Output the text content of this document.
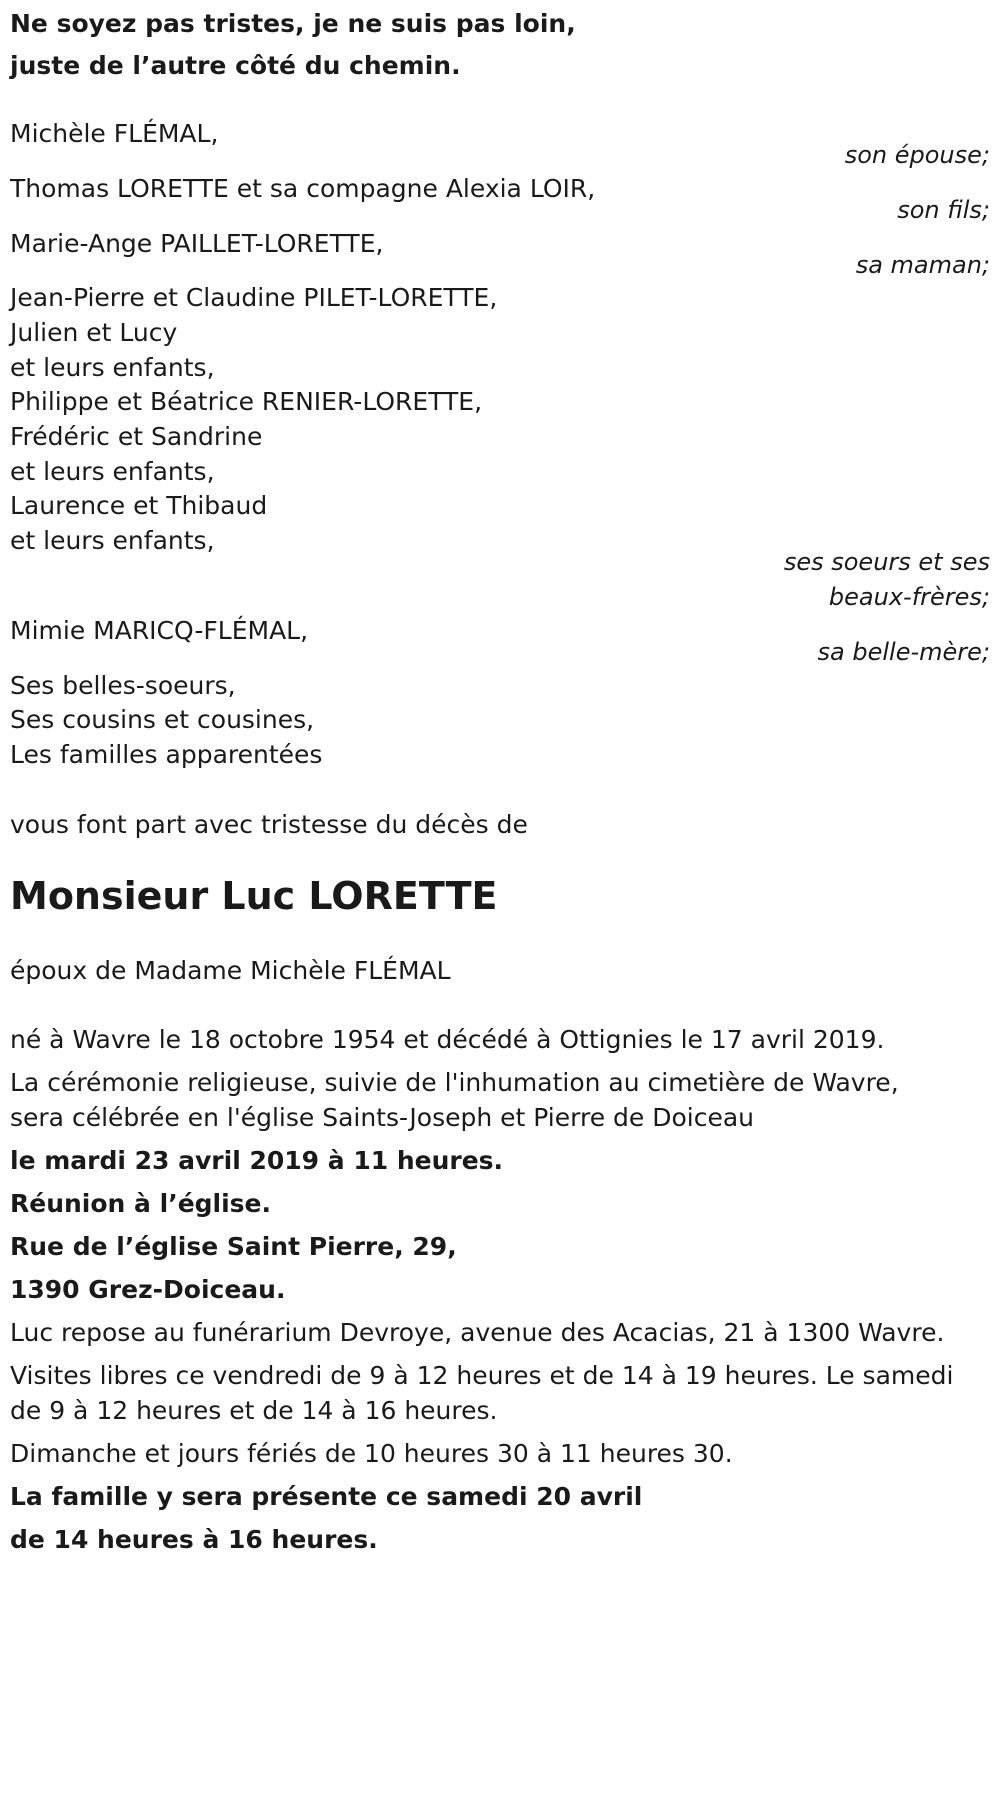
Ne soyez pas tristes, je ne suis pas loin,
juste de l’autre côté du chemin.
Michèle FLÉMAL,
son épouse;
Thomas LORETTE et sa compagne Alexia LOIR,
son fils;
Marie-Ange PAILLET-LORETTE,
sa maman;
Jean-Pierre et Claudine PILET-LORETTE,
Julien et Lucy
et leurs enfants,
Philippe et Béatrice RENIER-LORETTE,
Frédéric et Sandrine
et leurs enfants,
Laurence et Thibaud
et leurs enfants,
ses soeurs et ses
beaux-frères;
Mimie MARICQ-FLÉMAL,
sa belle-mère;
Ses belles-soeurs,
Ses cousins et cousines,
Les familles apparentées
vous font part avec tristesse du décès de
Monsieur Luc LORETTE
époux de Madame Michèle FLÉMAL
né à Wavre le 18 octobre 1954 et décédé à Ottignies le 17 avril 2019.
La cérémonie religieuse, suivie de l'inhumation au cimetière de Wavre,
sera célébrée en l'église Saints-Joseph et Pierre de Doiceau
le mardi 23 avril 2019 à 11 heures.
Réunion à l’église.
Rue de l’église Saint Pierre, 29,
1390 Grez-Doiceau.
Luc repose au funérarium Devroye, avenue des Acacias, 21 à 1300 Wavre.
Visites libres ce vendredi de 9 à 12 heures et de 14 à 19 heures. Le samedi
de 9 à 12 heures et de 14 à 16 heures.
Dimanche et jours fériés de 10 heures 30 à 11 heures 30.
La famille y sera présente ce samedi 20 avril
de 14 heures à 16 heures.
